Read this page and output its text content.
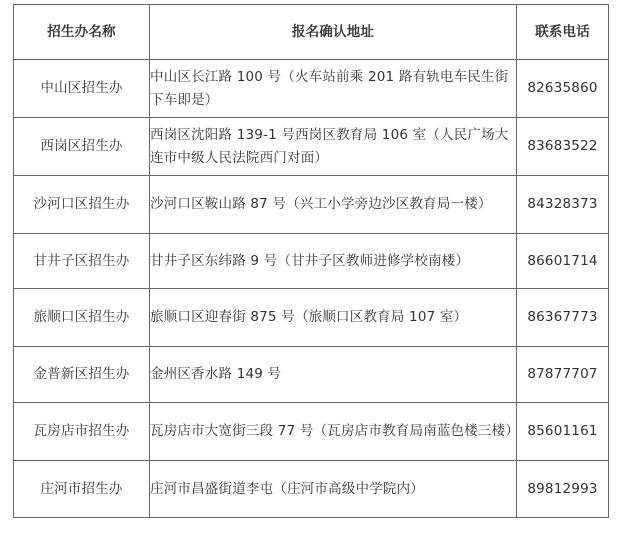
招生办名称	报名确认地址	联系电话
中山区招生办	中山区长江路 100 号（火车站前乘 201 路有轨电车民生街下车即是）	82635860
西岗区招生办	西岗区沈阳路 139-1 号西岗区教育局 106 室（人民广场大连市中级人民法院西门对面）	83683522
沙河口区招生办	沙河口区鞍山路 87 号（兴工小学旁边沙区教育局一楼）	84328373
甘井子区招生办	甘井子区东纬路 9 号（甘井子区教师进修学校南楼）	86601714
旅顺口区招生办	旅顺口区迎春街 875 号（旅顺口区教育局 107 室）	86367773
金普新区招生办	金州区香水路 149 号	87877707
瓦房店市招生办	瓦房店市大宽街三段 77 号（瓦房店市教育局南蓝色楼三楼）	85601161
庄河市招生办	庄河市昌盛街道李屯（庄河市高级中学院内）	89812993
